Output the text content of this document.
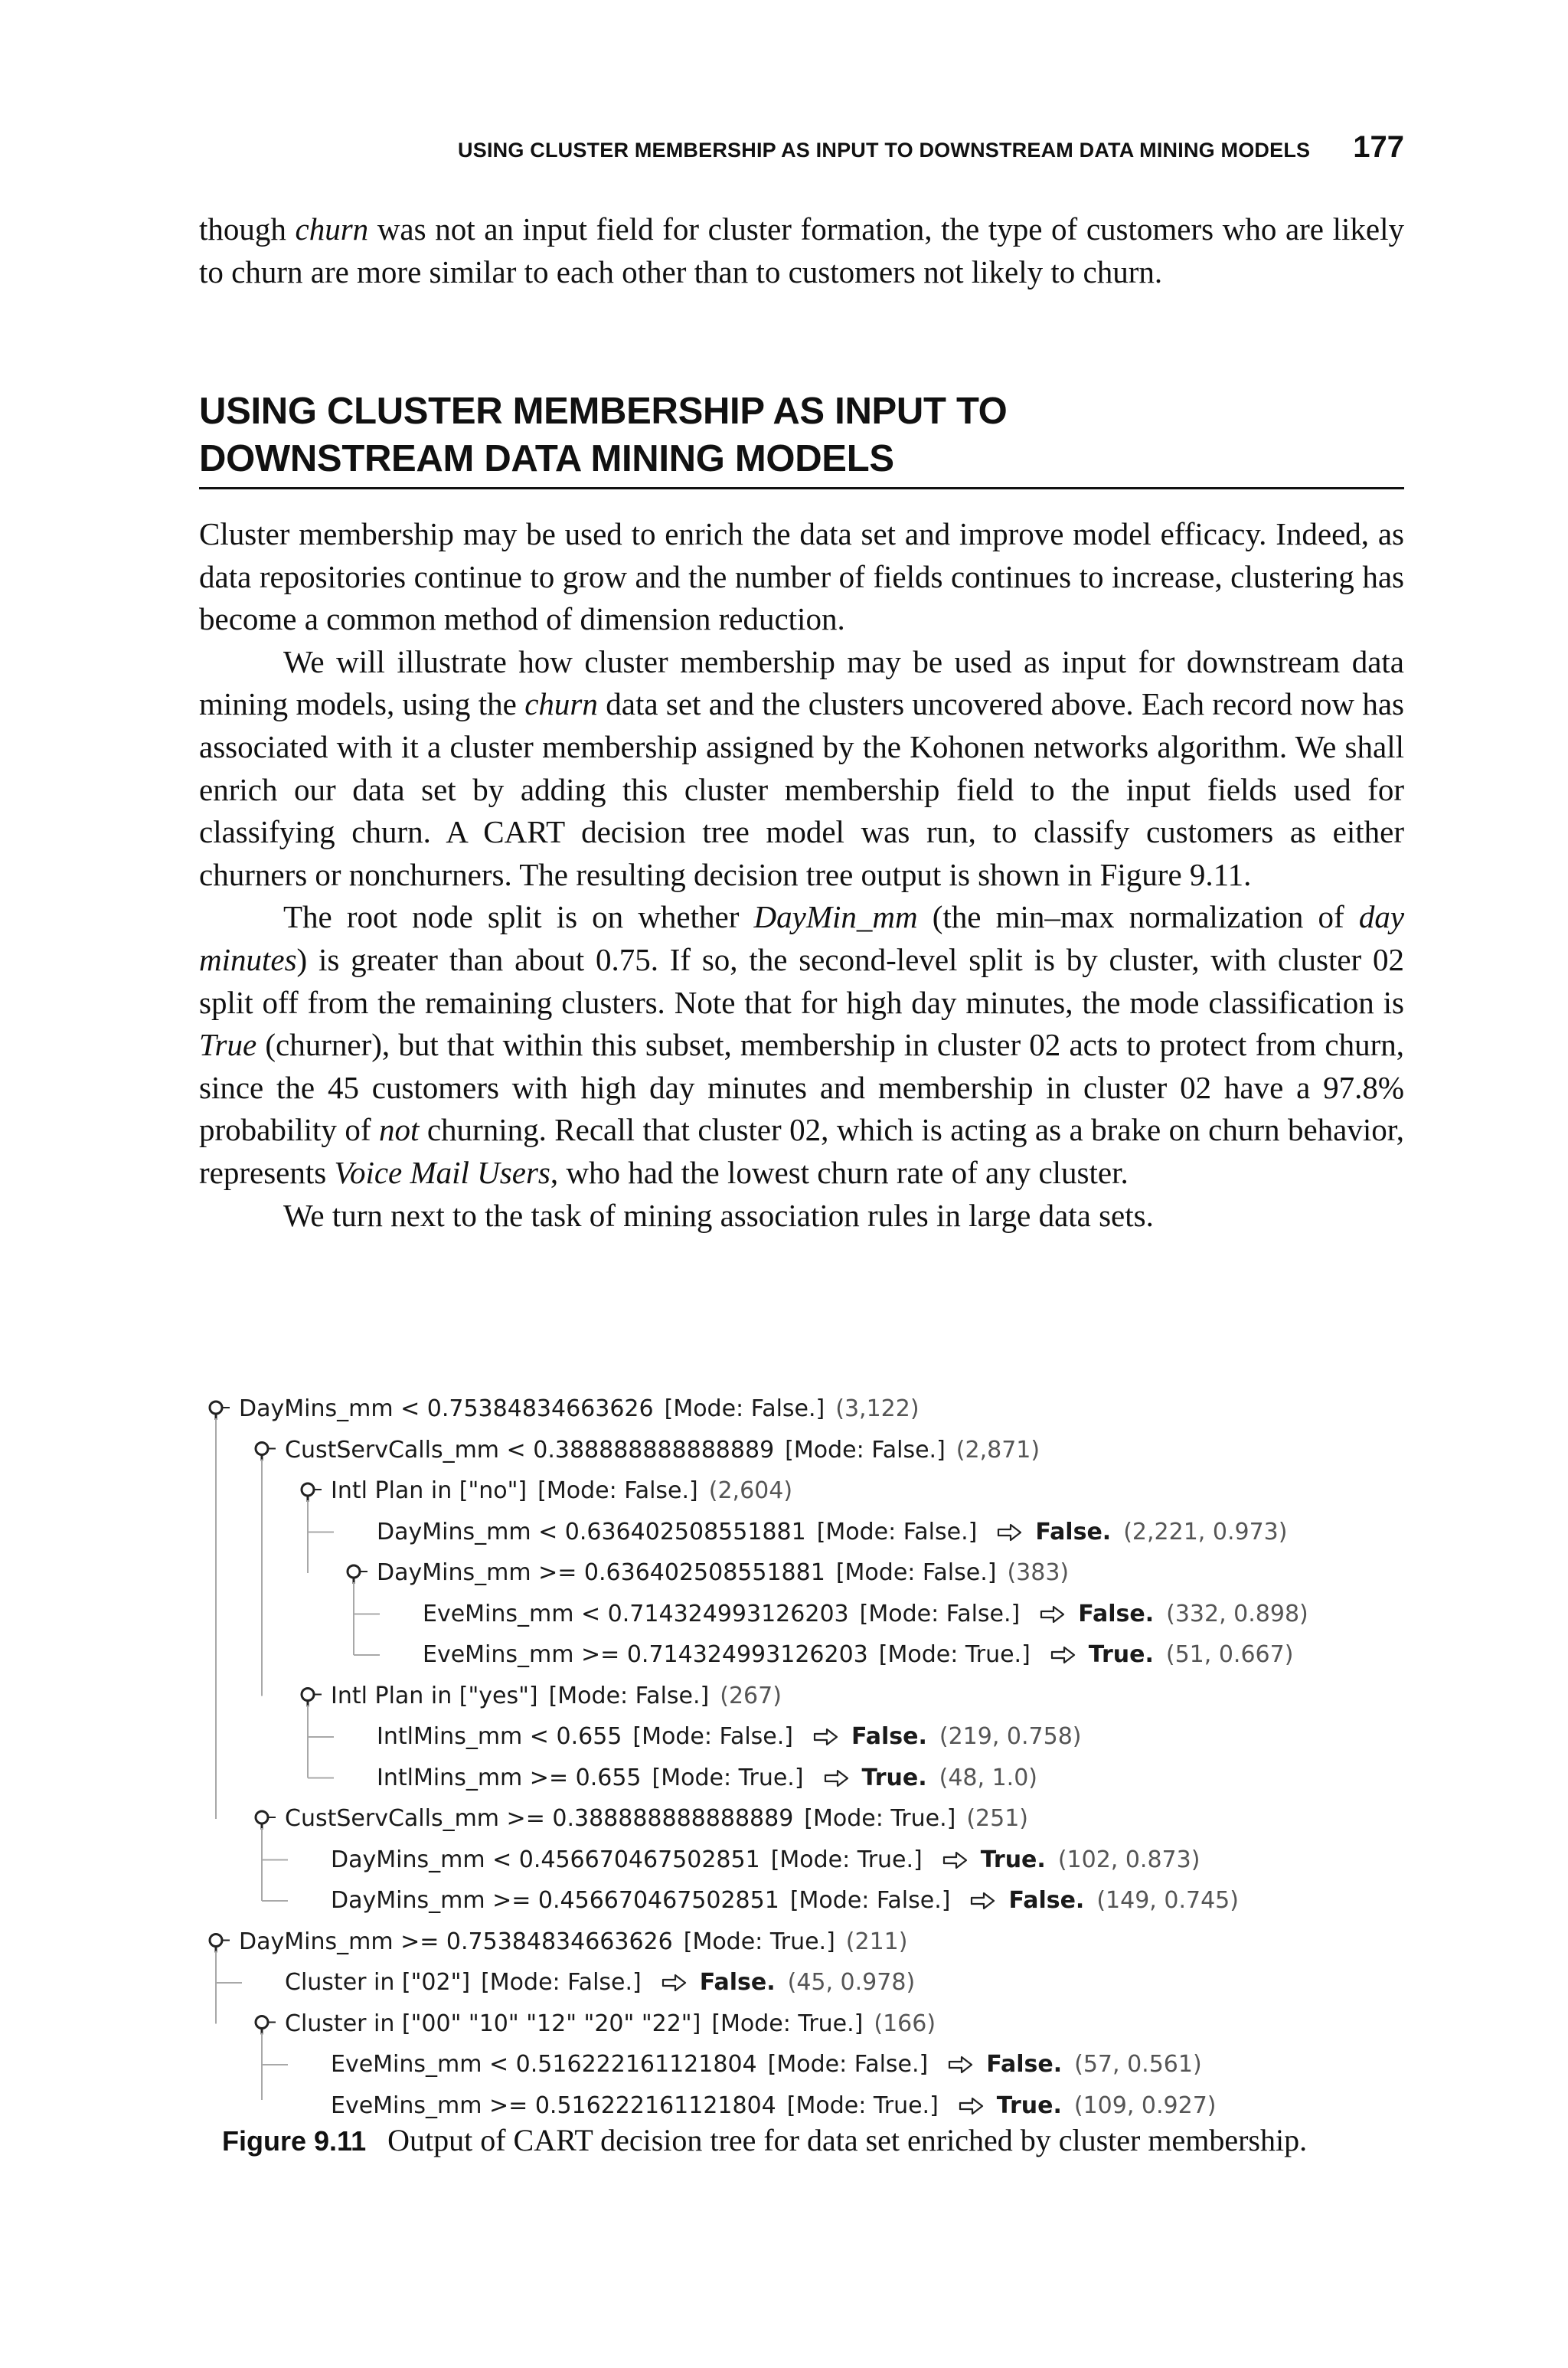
USING CLUSTER MEMBERSHIP AS INPUT TO DOWNSTREAM DATA MINING MODELS 177

though churn was not an input field for cluster formation, the type of customers who are likely to churn are more similar to each other than to customers not likely to churn.

USING CLUSTER MEMBERSHIP AS INPUT TO
DOWNSTREAM DATA MINING MODELS

Cluster membership may be used to enrich the data set and improve model efficacy. Indeed, as data repositories continue to grow and the number of fields continues to increase, clustering has become a common method of dimension reduction.

We will illustrate how cluster membership may be used as input for downstream data mining models, using the churn data set and the clusters uncovered above. Each record now has associated with it a cluster membership assigned by the Kohonen networks algorithm. We shall enrich our data set by adding this cluster membership field to the input fields used for classifying churn. A CART decision tree model was run, to classify customers as either churners or nonchurners. The resulting decision tree output is shown in Figure 9.11.

The root node split is on whether DayMin_mm (the min–max normalization of day minutes) is greater than about 0.75. If so, the second-level split is by cluster, with cluster 02 split off from the remaining clusters. Note that for high day minutes, the mode classification is True (churner), but that within this subset, membership in cluster 02 acts to protect from churn, since the 45 customers with high day minutes and membership in cluster 02 have a 97.8% probability of not churning. Recall that cluster 02, which is acting as a brake on churn behavior, represents Voice Mail Users, who had the lowest churn rate of any cluster.

We turn next to the task of mining association rules in large data sets.

DayMins_mm < 0.75384834663626 [Mode: False.] (3,122)
CustServCalls_mm < 0.388888888888889 [Mode: False.] (2,871)
Intl Plan in ["no"] [Mode: False.] (2,604)
DayMins_mm < 0.636402508551881 [Mode: False.]	False. (2,221, 0.973)
DayMins_mm >= 0.636402508551881 [Mode: False.] (383)
EveMins_mm < 0.714324993126203 [Mode: False.]	False. (332, 0.898)
EveMins_mm >= 0.714324993126203 [Mode: True.]	True. (51, 0.667)
Intl Plan in ["yes"] [Mode: False.] (267)
IntlMins_mm < 0.655 [Mode: False.]	False. (219, 0.758)
IntlMins_mm >= 0.655 [Mode: True.]	True. (48, 1.0)
CustServCalls_mm >= 0.388888888888889 [Mode: True.] (251)
DayMins_mm < 0.456670467502851 [Mode: True.]	True. (102, 0.873)
DayMins_mm >= 0.456670467502851 [Mode: False.]	False. (149, 0.745)
DayMins_mm >= 0.75384834663626 [Mode: True.] (211)
Cluster in ["02"] [Mode: False.]	False. (45, 0.978)
Cluster in ["00" "10" "12" "20" "22"] [Mode: True.] (166)
EveMins_mm < 0.516222161121804 [Mode: False.]	False. (57, 0.561)
EveMins_mm >= 0.516222161121804 [Mode: True.]	True. (109, 0.927)
Figure 9.11 Output of CART decision tree for data set enriched by cluster membership.
